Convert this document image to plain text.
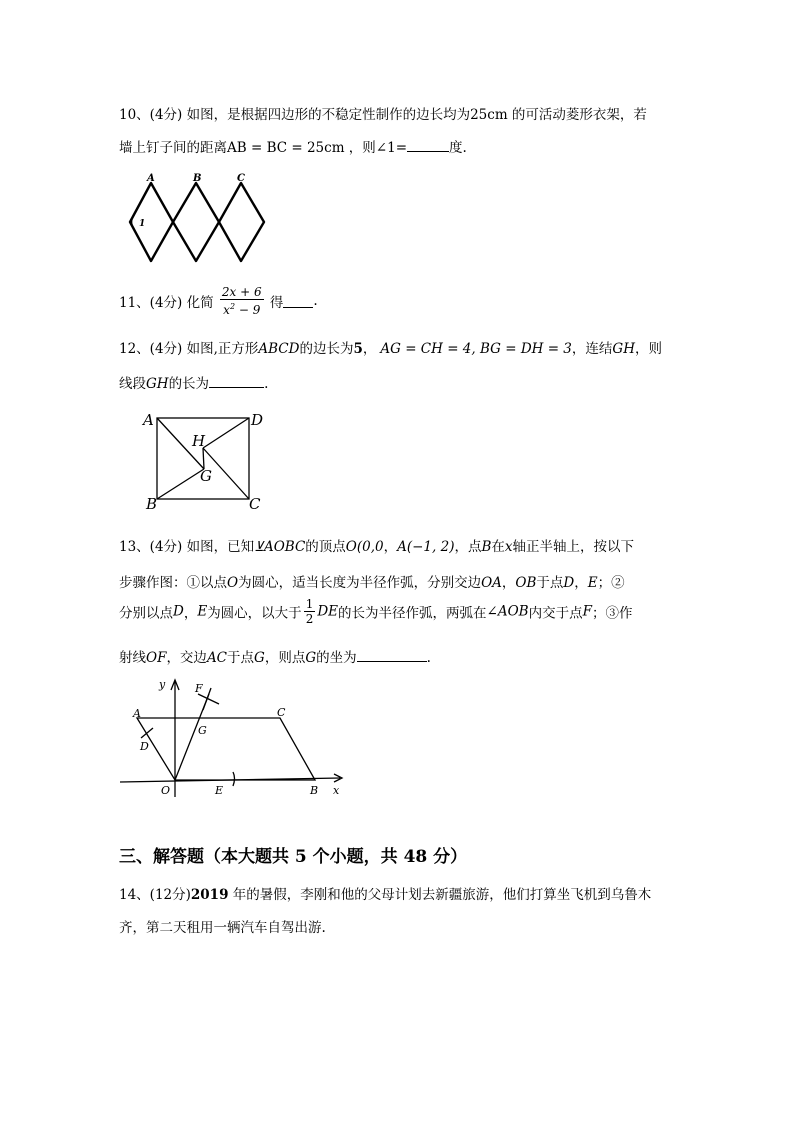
10、(4分) 如图，是根据四边形的不稳定性制作的边长均为25cm 的可活动菱形衣架，若
墙上钉子间的距离AB = BC = 25cm ，则∠1=	度.
A	B	C
1
11、(4分) 化简 $\frac{2x + 6}{x^2 - 9}$ 得 .
12、(4分) 如图,正方形ABCD的边长为5， AG = CH = 4, BG = DH = 3，连结GH，则
线段GH的长为	.
A	D
B	C
H
G
13、(4分) 如图，已知⊻AOBC的顶点O(0,0，A(−1, 2)，点B在x轴正半轴上，按以下
步骤作图：①以点O为圆心，适当长度为半径作弧，分别交边OA，OB于点D，E；②
分别以点D，E为圆心，以大于 $\frac{1}{2}$ DE的长为半径作弧，两弧在∠AOB内交于点F；③作
射线OF，交边AC于点G，则点G的坐为	.
y
x
F
A	C
G
D
O	E	B
三、解答题（本大题共 5 个小题，共 48 分）
14、(12分)2019 年的暑假，李刚和他的父母计划去新疆旅游，他们打算坐飞机到乌鲁木
齐，第二天租用一辆汽车自驾出游.
